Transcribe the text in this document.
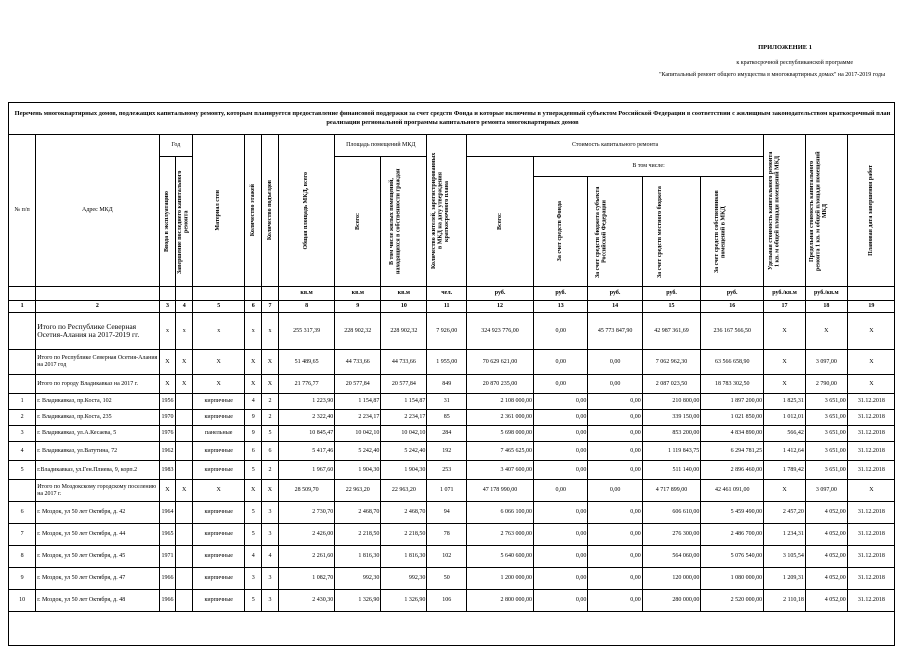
ПРИЛОЖЕНИЕ 1
к краткосрочной республиканской программе
"Капитальный ремонт общего имущества в многоквартирных домах" на 2017-2019 годы
Перечень многоквартирных домов, подлежащих капитальному ремонту, которым планируется предоставление финансовой поддержки за счет средств Фонда и которые включены в утвержденный субъектом Российской Федерации в соответствии с жилищным законодательством краткосрочный план реализации региональной программы капитального ремонта многоквартирных домов
№ п/п	Адрес МКД	Год		Материал стен	Количество этажей	Количество подъездов	Общая площадь МКД, всего	Площадь помещений МКД		Количество жителей, зарегистрированных в МКД на дату утверждения краткосрочного плана	Стоимость капитального ремонта					Удельная стоимость капитального ремонта 1 кв. м общей площади помещений МКД	Предельная стоимость капитального ремонта 1 кв. м общей площади помещений МКД	Плановая дата завершения работ

		Ввода в эксплуатацию	Завершение последнего капитального ремонта					Всего:	В том числе жилых помещений, находящихся в собственности граждан		Всего:	В том числе:						

												За счет средств Фонда	За счет средств бюджета субъекта Российской Федерации	За счет средств местного бюджета	За счет средств собственников помещений в МКД			

							кв.м	кв.м	кв.м	чел.	руб.	руб.	руб.	руб.	руб.	руб./кв.м	руб./кв.м	
1	2	3	4	5	6	7	8	9	10	11	12	13	14	15	16	17	18	19
	Итого по Республике Северная Осетия-Алания на 2017-2019 гг.	x	x	x	x	x	255 317,39	228 902,32	228 902,32	7 926,00	324 923 776,00	0,00	45 773 847,90	42 987 361,69	236 167 566,50	X	X	X
	Итого по Республике Северная Осетия-Алания на 2017 год	X	X	X	X	X	51 489,65	44 733,66	44 733,66	1 955,00	70 629 621,00	0,00	0,00	7 062 962,30	63 566 658,90	X	3 097,00	X
	Итого по городу Владикавказ на 2017 г.	X	X	X	X	X	21 776,77	20 577,84	20 577,84	849	20 870 235,00	0,00	0,00	2 087 023,50	18 783 302,50	X	2 790,00	X
1	г. Владикавказ, пр.Коста, 102	1956		кирпичные	4	2	1 223,90	1 154,87	1 154,87	31	2 108 000,00	0,00	0,00	210 800,00	1 897 200,00	1 825,31	3 651,00	31.12.2018
2	г. Владикавказ, пр.Коста, 235	1970		кирпичные	9	2	2 322,40	2 234,17	2 234,17	85	2 361 000,00	0,00	0,00	339 150,00	1 021 850,00	1 012,01	3 651,00	31.12.2018
3	г. Владикавказ, ул.А.Кесаева, 5	1976		панельные	9	5	10 845,47	10 042,10	10 042,10	284	5 698 000,00	0,00	0,00	853 200,00	4 834 890,00	566,42	3 651,00	31.12.2018
4	г. Владикавказ, ул.Ватутина, 72	1962		кирпичные	6	6	5 417,46	5 242,40	5 242,40	192	7 465 625,00	0,00	0,00	1 119 843,75	6 294 781,25	1 412,64	3 651,00	31.12.2018
5	г.Владикавказ, ул.Ген.Плиева, 9, корп.2	1983		кирпичные	5	2	1 967,60	1 904,30	1 904,30	253	3 407 600,00	0,00	0,00	511 140,00	2 896 460,00	1 789,42	3 651,00	31.12.2018
	Итого по Моздокскому городскому поселению на 2017 г.	X	X	X	X	X	28 509,70	22 963,20	22 963,20	1 071	47 178 990,00	0,00	0,00	4 717 899,00	42 461 091,00	X	3 097,00	X
6	г. Моздок, ул 50 лет Октября, д. 42	1964		кирпичные	5	3	2 730,70	2 468,70	2 468,70	94	6 066 100,00	0,00	0,00	606 610,00	5 459 490,00	2 457,20	4 052,00	31.12.2018
7	г. Моздок, ул 50 лет Октября, д. 44	1965		кирпичные	5	3	2 426,00	2 218,50	2 218,50	78	2 763 000,00	0,00	0,00	276 300,00	2 486 700,00	1 234,31	4 052,00	31.12.2018
8	г. Моздок, ул 50 лет Октября, д. 45	1971		кирпичные	4	4	2 261,60	1 816,30	1 816,30	102	5 640 600,00	0,00	0,00	564 060,00	5 076 540,00	3 105,54	4 052,00	31.12.2018
9	г. Моздок, ул 50 лет Октября, д. 47	1966		кирпичные	3	3	1 082,70	992,30	992,30	50	1 200 000,00	0,00	0,00	120 000,00	1 080 000,00	1 209,31	4 052,00	31.12.2018
10	г. Моздок, ул 50 лет Октября, д. 48	1966		кирпичные	5	3	2 430,30	1 326,90	1 326,90	106	2 800 000,00	0,00	0,00	280 000,00	2 520 000,00	2 110,18	4 052,00	31.12.2018
